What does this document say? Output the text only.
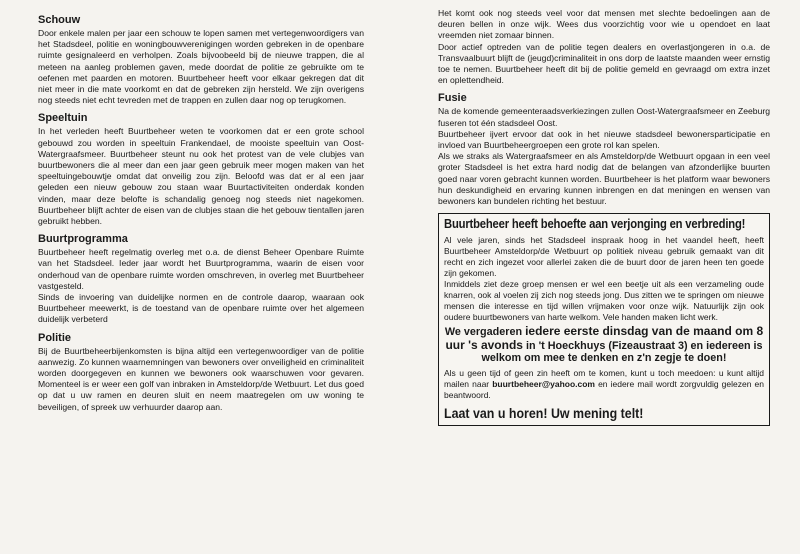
Schouw

Door enkele malen per jaar een schouw te lopen samen met vertegenwoordigers van het Stadsdeel, politie en woningbouwverenigingen worden gebreken in de openbare ruimte gesignaleerd en verholpen. Zoals bijvoobeeld bij de nieuwe trappen, die al meteen na aanleg problemen gaven, mede doordat de politie ze gebruikte om te oefenen met paarden en motoren. Buurtbeheer heeft voor elkaar gekregen dat dit niet meer in die mate voorkomt en dat de gebreken zijn hersteld. We zijn overigens nog steeds niet echt tevreden met de trappen en zullen daar nog op terugkomen.

Speeltuin

In het verleden heeft Buurtbeheer weten te voorkomen dat er een grote school gebouwd zou worden in speeltuin Frankendael, de mooiste speeltuin van Oost-Watergraafsmeer. Buurtbeheer steunt nu ook het protest van de vele clubjes van buurtbewoners die al meer dan een jaar geen gebruik meer mogen maken van het speeltuingebouwtje omdat dat onveilig zou zijn. Beloofd was dat er al een jaar geleden een nieuw gebouw zou staan waar Buurtactiviteiten onderdak konden vinden, maar deze belofte is schandalig genoeg nog steeds niet nagekomen. Buurtbeheer blijft achter de eisen van de clubjes staan die het gebouw tientallen jaren gebruikt hebben.

Buurtprogramma

Buurtbeheer heeft regelmatig overleg met o.a. de dienst Beheer Openbare Ruimte van het Stadsdeel. Ieder jaar wordt het Buurtprogramma, waarin de eisen voor onderhoud van de openbare ruimte worden omschreven, in overleg met Buurtbeheer vastgesteld.

Sinds de invoering van duidelijke normen en de controle daarop, waaraan ook Buurtbeheer meewerkt, is de toestand van de openbare ruimte over het algemeen duidelijk verbeterd

Politie

Bij de Buurtbeheerbijenkomsten is bijna altijd een vertegenwoordiger van de politie aanwezig. Zo kunnen waarnemningen van bewoners over onveiligheid en criminaliteit worden doorgegeven en kunnen we bewoners ook waarschuwen voor gevaren. Momenteel is er weer een golf van inbraken in Amsteldorp/de Wetbuurt. Let dus goed op dat u uw ramen en deuren sluit en neem maatregelen om uw woning te beveiligen, of spreek uw verhuurder daarop aan.

Het komt ook nog steeds veel voor dat mensen met slechte bedoelingen aan de deuren bellen in onze wijk. Wees dus voorzichtig voor wie u opendoet en laat vreemden niet zomaar binnen.

Door actief optreden van de politie tegen dealers en overlastjongeren in o.a. de Transvaalbuurt blijft de (jeugd)criminaliteit in ons dorp de laatste maanden weer ernstig toe te nemen. Buurtbeheer heeft dit bij de politie gemeld en gevraagd om extra inzet en oplettendheid.

Fusie

Na de komende gemeenteraadsverkiezingen zullen Oost-Watergraafsmeer en Zeeburg fuseren tot één stadsdeel Oost.

Buurtbeheer ijvert ervoor dat ook in het nieuwe stadsdeel bewonersparticipatie en invloed van Buurtbeheergroepen een grote rol kan spelen.

Als we straks als Watergraafsmeer en als Amsteldorp/de Wetbuurt opgaan in een veel groter Stadsdeel is het extra hard nodig dat de belangen van afzonderlijke buurten goed naar voren gebracht kunnen worden. Buurtbeheer is het platform waar bewoners hun deskundigheid en ervaring kunnen inbrengen en dat meningen en wensen van bewoners kan bundelen richting het bestuur.

Buurtbeheer heeft behoefte aan verjonging en verbreding!

Al vele jaren, sinds het Stadsdeel inspraak hoog in het vaandel heeft, heeft Buurtbeheer Amsteldorp/de Wetbuurt op politiek niveau gebruik gemaakt van dit recht en zich ingezet voor allerlei zaken die de buurt door de jaren heen ten goede zijn gekomen.

Inmiddels ziet deze groep mensen er wel een beetje uit als een verzameling oude knarren, ook al voelen zij zich nog steeds jong. Dus zitten we te springen om nieuwe mensen die interesse en tijd willen vrijmaken voor onze wijk. Natuurlijk zijn ook oudere buurtbewoners van harte welkom. Vele handen maken licht werk.

We vergaderen iedere eerste dinsdag van de maand om 8 uur 's avonds in 't Hoeckhuys (Fizeaustraat 3) en iedereen is welkom om mee te denken en z'n zegje te doen!

Als u geen tijd of geen zin heeft om te komen, kunt u toch meedoen: u kunt altijd mailen naar buurtbeheer@yahoo.com en iedere mail wordt zorgvuldig gelezen en beantwoord.

Laat van u horen! Uw mening telt!
